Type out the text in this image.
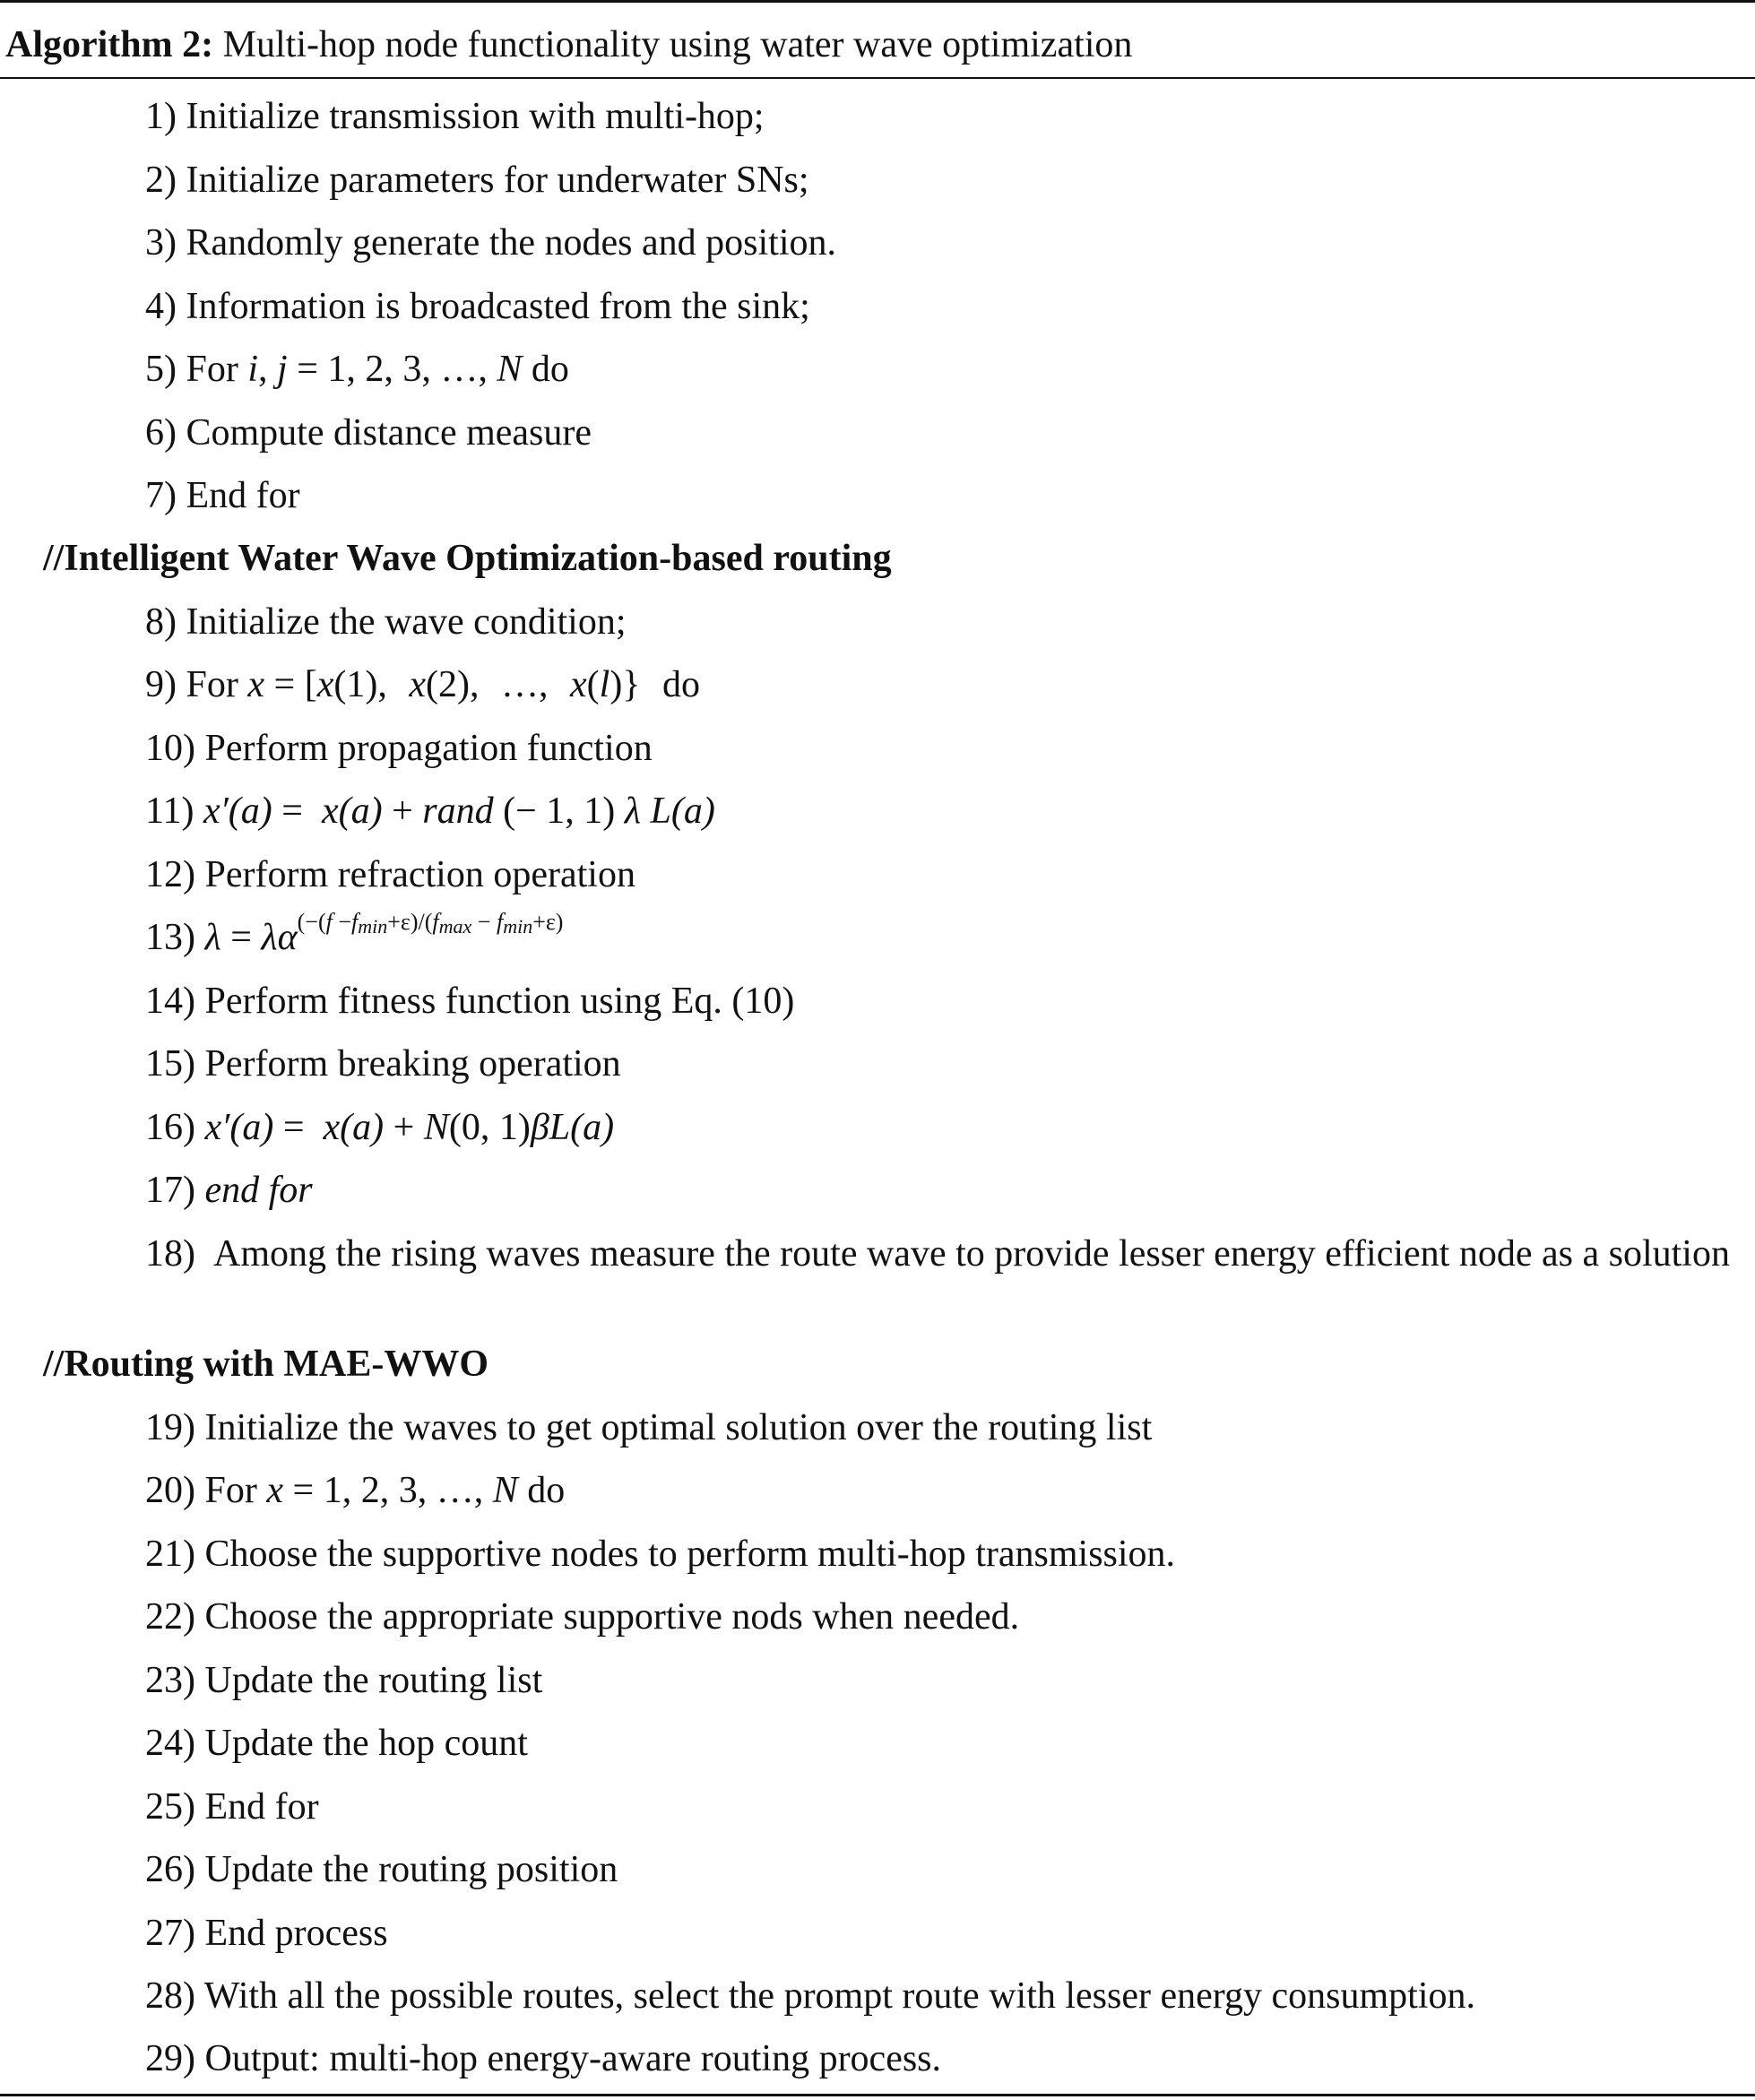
Algorithm 2: Multi-hop node functionality using water wave optimization
1) Initialize transmission with multi-hop;
2) Initialize parameters for underwater SNs;
3) Randomly generate the nodes and position.
4) Information is broadcasted from the sink;
5) For i, j = 1, 2, 3, …, N do
6) Compute distance measure
7) End for
//Intelligent Water Wave Optimization-based routing
8) Initialize the wave condition;
9) For x = [x(1), x(2), …, x(l)} do
10) Perform propagation function
11) x′(a) =  x(a) + rand (− 1, 1) λ L(a)
12) Perform refraction operation
13) $\lambda = \lambda\alpha^{(-(f -f_{min}+\varepsilon)/(f_{max} - f_{min}+\varepsilon)}$
14) Perform fitness function using Eq. (10)
15) Perform breaking operation
16) x′(a) =  x(a) + N(0, 1)βL(a)
17) end for
18) Among the rising waves measure the route wave to provide lesser energy efficient node as a solution
//Routing with MAE-WWO
19) Initialize the waves to get optimal solution over the routing list
20) For x = 1, 2, 3, …, N do
21) Choose the supportive nodes to perform multi-hop transmission.
22) Choose the appropriate supportive nods when needed.
23) Update the routing list
24) Update the hop count
25) End for
26) Update the routing position
27) End process
28) With all the possible routes, select the prompt route with lesser energy consumption.
29) Output: multi-hop energy-aware routing process.
